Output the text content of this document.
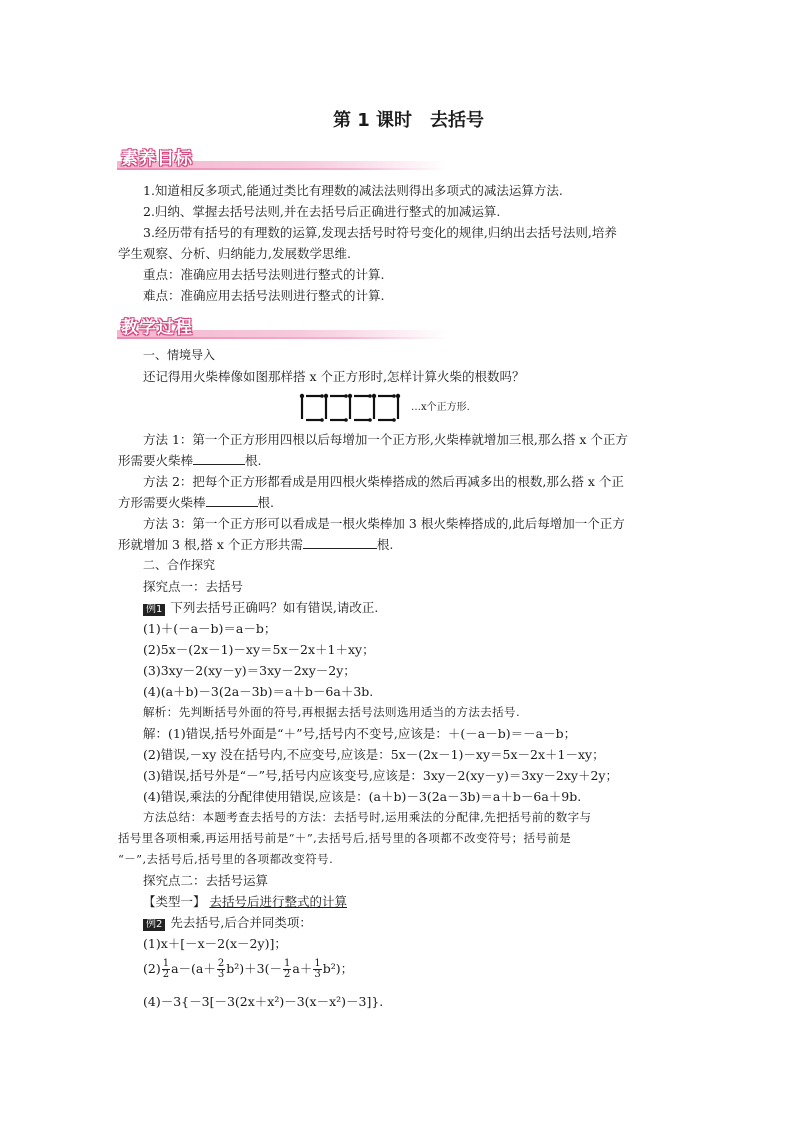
第 1 课时　去括号
素养目标
1.知道相反多项式,能通过类比有理数的减法法则得出多项式的减法运算方法.
2.归纳、掌握去括号法则,并在去括号后正确进行整式的加减运算.
3.经历带有括号的有理数的运算,发现去括号时符号变化的规律,归纳出去括号法则,培养
学生观察、分析、归纳能力,发展数学思维.
重点：准确应用去括号法则进行整式的计算.
难点：准确应用去括号法则进行整式的计算.
教学过程
一、情境导入
还记得用火柴棒像如图那样搭 x 个正方形时,怎样计算火柴的根数吗？
…x个正方形.
方法 1：第一个正方形用四根以后每增加一个正方形,火柴棒就增加三根,那么搭 x 个正方
形需要火柴棒	根.
方法 2：把每个正方形都看成是用四根火柴棒搭成的然后再减多出的根数,那么搭 x 个正
方形需要火柴棒	根.
方法 3：第一个正方形可以看成是一根火柴棒加 3 根火柴棒搭成的,此后每增加一个正方
形就增加 3 根,搭 x 个正方形共需	根.
二、合作探究
探究点一：去括号
例1 下列去括号正确吗？如有错误,请改正.
(1)＋(－a－b)＝a－b；
(2)5x－(2x－1)－xy＝5x－2x＋1＋xy；
(3)3xy－2(xy－y)＝3xy－2xy－2y；
(4)(a＋b)－3(2a－3b)＝a＋b－6a＋3b.
解析：先判断括号外面的符号,再根据去括号法则选用适当的方法去括号.
解：(1)错误,括号外面是“＋”号,括号内不变号,应该是：＋(－a－b)＝－a－b；
(2)错误,－xy 没在括号内,不应变号,应该是：5x－(2x－1)－xy＝5x－2x＋1－xy；
(3)错误,括号外是“－”号,括号内应该变号,应该是：3xy－2(xy－y)＝3xy－2xy＋2y；
(4)错误,乘法的分配律使用错误,应该是：(a＋b)－3(2a－3b)＝a＋b－6a＋9b.
方法总结：本题考查去括号的方法：去括号时,运用乘法的分配律,先把括号前的数字与
括号里各项相乘,再运用括号前是“＋”,去括号后,括号里的各项都不改变符号；括号前是
“－”,去括号后,括号里的各项都改变符号.
探究点二：去括号运算
【类型一】 去括号后进行整式的计算
例2 先去括号,后合并同类项：
(1)x＋[－x－2(x－2y)]；
$(2) \frac{1}{2} a-(a+ \frac{2}{3} b^2)+3(- \frac{1}{2} a+ \frac{1}{3} b^2)$；
(4)－3{－3[－3(2x＋x²)－3(x－x²)－3]}.
